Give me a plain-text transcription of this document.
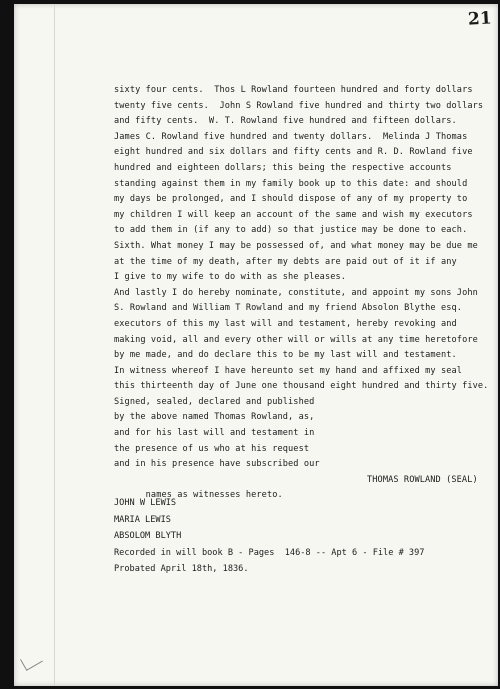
21
sixty four cents.  Thos L Rowland fourteen hundred and forty dollars
twenty five cents.  John S Rowland five hundred and thirty two dollars
and fifty cents.  W. T. Rowland five hundred and fifteen dollars.
James C. Rowland five hundred and twenty dollars.  Melinda J Thomas
eight hundred and six dollars and fifty cents and R. D. Rowland five
hundred and eighteen dollars; this being the respective accounts
standing against them in my family book up to this date: and should
my days be prolonged, and I should dispose of any of my property to
my children I will keep an account of the same and wish my executors
to add them in (if any to add) so that justice may be done to each.
Sixth. What money I may be possessed of, and what money may be due me
at the time of my death, after my debts are paid out of it if any
I give to my wife to do with as she pleases.
And lastly I do hereby nominate, constitute, and appoint my sons John
S. Rowland and William T Rowland and my friend Absolon Blythe esq.
executors of this my last will and testament, hereby revoking and
making void, all and every other will or wills at any time heretofore
by me made, and do declare this to be my last will and testament.
In witness whereof I have hereunto set my hand and affixed my seal
this thirteenth day of June one thousand eight hundred and thirty five.
Signed, sealed, declared and published
by the above named Thomas Rowland, as,
and for his last will and testament in
the presence of us who at his request
and in his presence have subscribed our

names as witnesses hereto.

THOMAS ROWLAND (SEAL)

JOHN W LEWIS
MARIA LEWIS
ABSOLOM BLYTH
Recorded in will book B - Pages  146-8 -- Apt 6 - File # 397
Probated April 18th, 1836.
